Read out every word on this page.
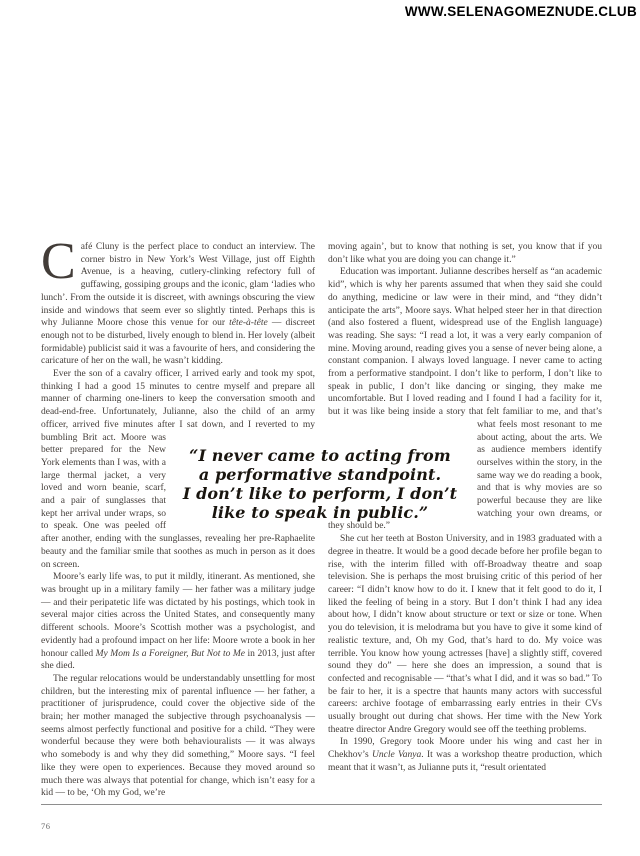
WWW.SELENAGOMEZNUDE.CLUB

Café Cluny is the perfect place to conduct an interview. The corner bistro in New York’s West Village, just off Eighth Avenue, is a heaving, cutlery-clinking refectory full of guffawing, gossiping groups and the iconic, glam ‘ladies who lunch’. From the outside it is discreet, with awnings obscuring the view inside and windows that seem ever so slightly tinted. Perhaps this is why Julianne Moore chose this venue for our tête-à-tête — discreet enough not to be disturbed, lively enough to blend in. Her lovely (albeit formidable) publicist said it was a favourite of hers, and considering the caricature of her on the wall, he wasn’t kidding.

Ever the son of a cavalry officer, I arrived early and took my spot, thinking I had a good 15 minutes to centre myself and prepare all manner of charming one-liners to keep the conversation smooth and dead-end-free. Unfortunately, Julianne, also the child of an army officer, arrived five minutes after I sat down, and I reverted
to my bumbling Brit act. Moore was better prepared for the New York elements than I was, with a large thermal jacket, a very loved and worn beanie, scarf, and a pair of sunglasses that kept her arrival under wraps, so to speak. One was peeled off after another, ending with the sunglasses, revealing her pre-Raphaelite beauty and the familiar smile that soothes as much in person as it does on screen.

Moore’s early life was, to put it mildly, itinerant. As mentioned, she was brought up in a military family — her father was a military judge — and their peripatetic life was dictated by his postings, which took in several major cities across the United States, and consequently many different schools. Moore’s Scottish mother was a psychologist, and evidently had a profound impact on her life: Moore wrote a book in her honour called My Mom Is a Foreigner, But Not to Me in 2013, just after she died.

The regular relocations would be understandably unsettling for most children, but the interesting mix of parental influence — her father, a practitioner of jurisprudence, could cover the objective side of the brain; her mother managed the subjective through psychoanalysis — seems almost perfectly functional and positive for a child. “They were wonderful because they were both behaviouralists — it was always who somebody is and why they did something,” Moore says. “I feel like they were open to experiences. Because they moved around so much there was always that potential for change, which isn’t easy for a kid — to be, ‘Oh my God, we’re

moving again’, but to know that nothing is set, you know that if you don’t like what you are doing you can change it.”

Education was important. Julianne describes herself as “an academic kid”, which is why her parents assumed that when they said she could do anything, medicine or law were in their mind, and “they didn’t anticipate the arts”, Moore says. What helped steer her in that direction (and also fostered a fluent, widespread use of the English language) was reading. She says: “I read a lot, it was a very early companion of mine. Moving around, reading gives you a sense of never being alone, a constant companion. I always loved language. I never came to acting from a performative standpoint. I don’t like to perform, I don’t like to speak in public, I don’t like dancing or singing, they make me uncomfortable. But I loved reading and I found I had a facility for it, but it was like being inside a story that felt familiar to me, and that’s what feels
most resonant to me about acting, about the arts. We as audience members identify ourselves within the story, in the same way we do reading a book, and that is why movies are so powerful because they are like watching your own dreams, or they should be.”

She cut her teeth at Boston University, and in 1983 graduated with a degree in theatre. It would be a good decade before her profile began to rise, with the interim filled with off-Broadway theatre and soap television. She is perhaps the most bruising critic of this period of her career: “I didn’t know how to do it. I knew that it felt good to do it, I liked the feeling of being in a story. But I don’t think I had any idea about how, I didn’t know about structure or text or size or tone. When you do television, it is melodrama but you have to give it some kind of realistic texture, and, Oh my God, that’s hard to do. My voice was terrible. You know how young actresses [have] a slightly stiff, covered sound they do” — here she does an impression, a sound that is confected and recognisable — “that’s what I did, and it was so bad.” To be fair to her, it is a spectre that haunts many actors with successful careers: archive footage of embarrassing early entries in their CVs usually brought out during chat shows. Her time with the New York theatre director Andre Gregory would see off the teething problems.

In 1990, Gregory took Moore under his wing and cast her in Chekhov’s Uncle Vanya. It was a workshop theatre production, which meant that it wasn’t, as Julianne puts it, “result orientated

“I never came to acting from
a performative standpoint.
I don’t like to perform, I don’t
like to speak in public.”
76
